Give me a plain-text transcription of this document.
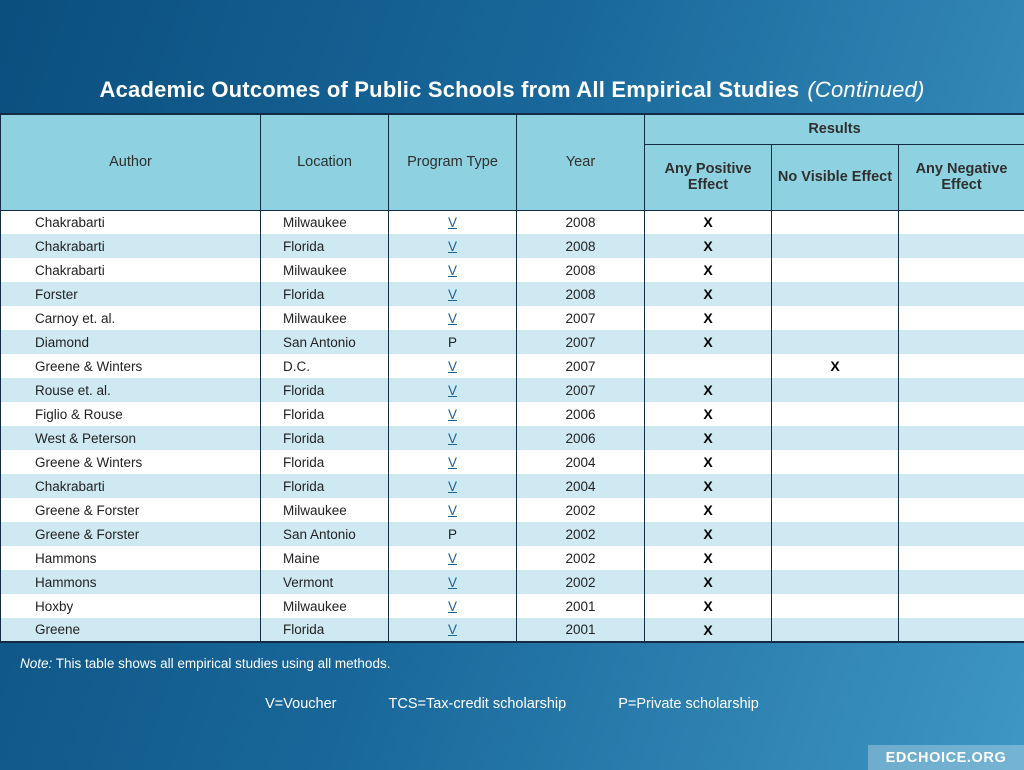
Academic Outcomes of Public Schools from All Empirical Studies (Continued)
Author	Location	Program Type	Year	Results		
				Any Positive Effect	No Visible Effect	Any Negative Effect
Chakrabarti	Milwaukee	V	2008	X		
Chakrabarti	Florida	V	2008	X		
Chakrabarti	Milwaukee	V	2008	X		
Forster	Florida	V	2008	X		
Carnoy et. al.	Milwaukee	V	2007	X		
Diamond	San Antonio	P	2007	X		
Greene & Winters	D.C.	V	2007		X	
Rouse et. al.	Florida	V	2007	X		
Figlio & Rouse	Florida	V	2006	X		
West & Peterson	Florida	V	2006	X		
Greene & Winters	Florida	V	2004	X		
Chakrabarti	Florida	V	2004	X		
Greene & Forster	Milwaukee	V	2002	X		
Greene & Forster	San Antonio	P	2002	X		
Hammons	Maine	V	2002	X		
Hammons	Vermont	V	2002	X		
Hoxby	Milwaukee	V	2001	X		
Greene	Florida	V	2001	X		
Note: This table shows all empirical studies using all methods.
V=Voucher	TCS=Tax-credit scholarship	P=Private scholarship
EDCHOICE.ORG
